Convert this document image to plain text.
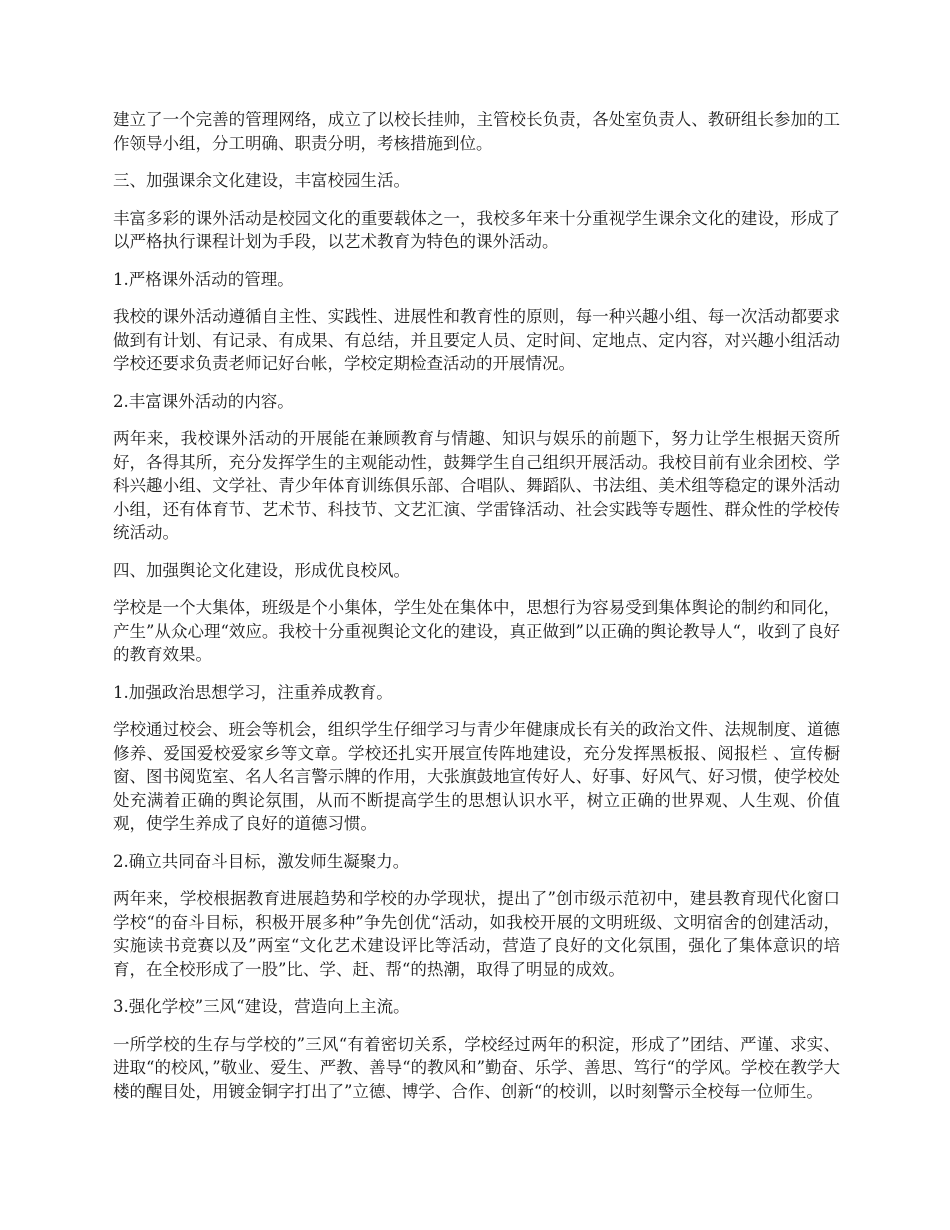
建立了一个完善的管理网络，成立了以校长挂帅，主管校长负责，各处室负责人、教研组长参加的工作领导小组，分工明确、职责分明，考核措施到位。

三、加强课余文化建设，丰富校园生活。

丰富多彩的课外活动是校园文化的重要载体之一，我校多年来十分重视学生课余文化的建设，形成了以严格执行课程计划为手段，以艺术教育为特色的课外活动。

1.严格课外活动的管理。

我校的课外活动遵循自主性、实践性、进展性和教育性的原则，每一种兴趣小组、每一次活动都要求做到有计划、有记录、有成果、有总结，并且要定人员、定时间、定地点、定内容，对兴趣小组活动学校还要求负责老师记好台帐，学校定期检查活动的开展情况。

2.丰富课外活动的内容。

两年来，我校课外活动的开展能在兼顾教育与情趣、知识与娱乐的前题下，努力让学生根据天资所好，各得其所，充分发挥学生的主观能动性，鼓舞学生自己组织开展活动。我校目前有业余团校、学科兴趣小组、文学社、青少年体育训练俱乐部、合唱队、舞蹈队、书法组、美术组等稳定的课外活动小组，还有体育节、艺术节、科技节、文艺汇演、学雷锋活动、社会实践等专题性、群众性的学校传统活动。

四、加强舆论文化建设，形成优良校风。

学校是一个大集体，班级是个小集体，学生处在集体中，思想行为容易受到集体舆论的制约和同化，产生”从众心理“效应。我校十分重视舆论文化的建设，真正做到”以正确的舆论教导人“，收到了良好的教育效果。

1.加强政治思想学习，注重养成教育。

学校通过校会、班会等机会，组织学生仔细学习与青少年健康成长有关的政治文件、法规制度、道德修养、爱国爱校爱家乡等文章。学校还扎实开展宣传阵地建设，充分发挥黑板报、阅报栏 、宣传橱窗、图书阅览室、名人名言警示牌的作用，大张旗鼓地宣传好人、好事、好风气、好习惯，使学校处处充满着正确的舆论氛围，从而不断提高学生的思想认识水平，树立正确的世界观、人生观、价值观，使学生养成了良好的道德习惯。

2.确立共同奋斗目标，激发师生凝聚力。

两年来，学校根据教育进展趋势和学校的办学现状，提出了”创市级示范初中，建县教育现代化窗口学校“的奋斗目标，积极开展多种”争先创优“活动，如我校开展的文明班级、文明宿舍的创建活动，实施读书竞赛以及”两室“文化艺术建设评比等活动，营造了良好的文化氛围，强化了集体意识的培育，在全校形成了一股”比、学、赶、帮“的热潮，取得了明显的成效。

3.强化学校”三风“建设，营造向上主流。

一所学校的生存与学校的”三风“有着密切关系，学校经过两年的积淀，形成了”团结、严谨、求实、进取“的校风，”敬业、爱生、严教、善导“的教风和”勤奋、乐学、善思、笃行“的学风。学校在教学大楼的醒目处，用镀金铜字打出了”立德、博学、合作、创新“的校训，以时刻警示全校每一位师生。
